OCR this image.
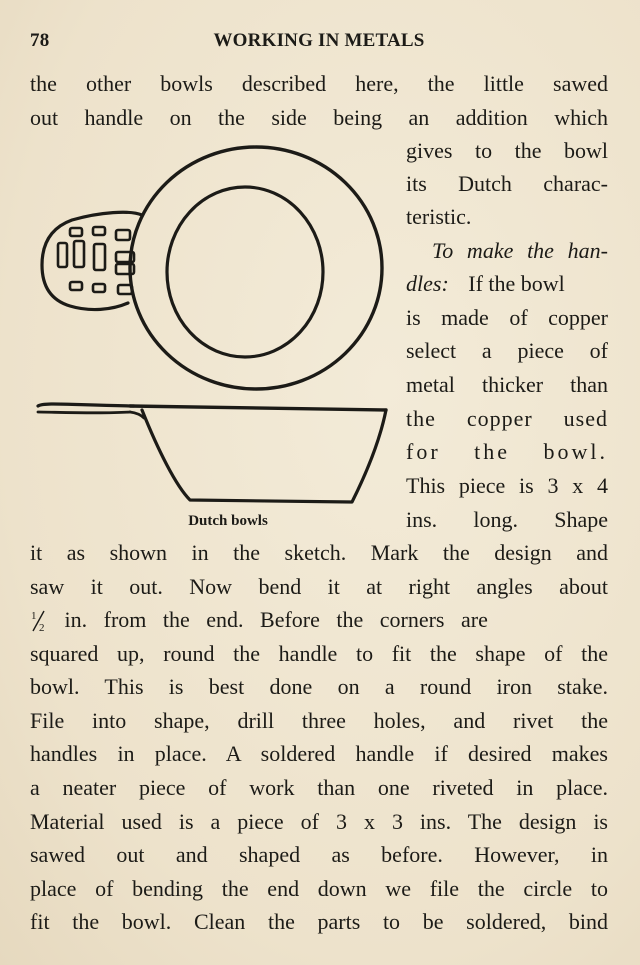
78	WORKING IN METALS
the other bowls described here, the little sawed
out handle on the side being an addition which
Dutch bowls
gives to the bowl
its Dutch charac-
teristic.
To make the han-
dles: If the bowl
is made of copper
select a piece of
metal thicker than
the copper used
for the bowl.
This piece is 3 x 4
ins. long. Shape
it as shown in the sketch. Mark the design and
saw it out. Now bend it at right angles about
1
2 in. from the end. Before the corners are
squared up, round the handle to fit the shape of the
bowl. This is best done on a round iron stake.
File into shape, drill three holes, and rivet the
handles in place. A soldered handle if desired makes
a neater piece of work than one riveted in place.
Material used is a piece of 3 x 3 ins. The design is
sawed out and shaped as before. However, in
place of bending the end down we file the circle to
fit the bowl. Clean the parts to be soldered, bind
